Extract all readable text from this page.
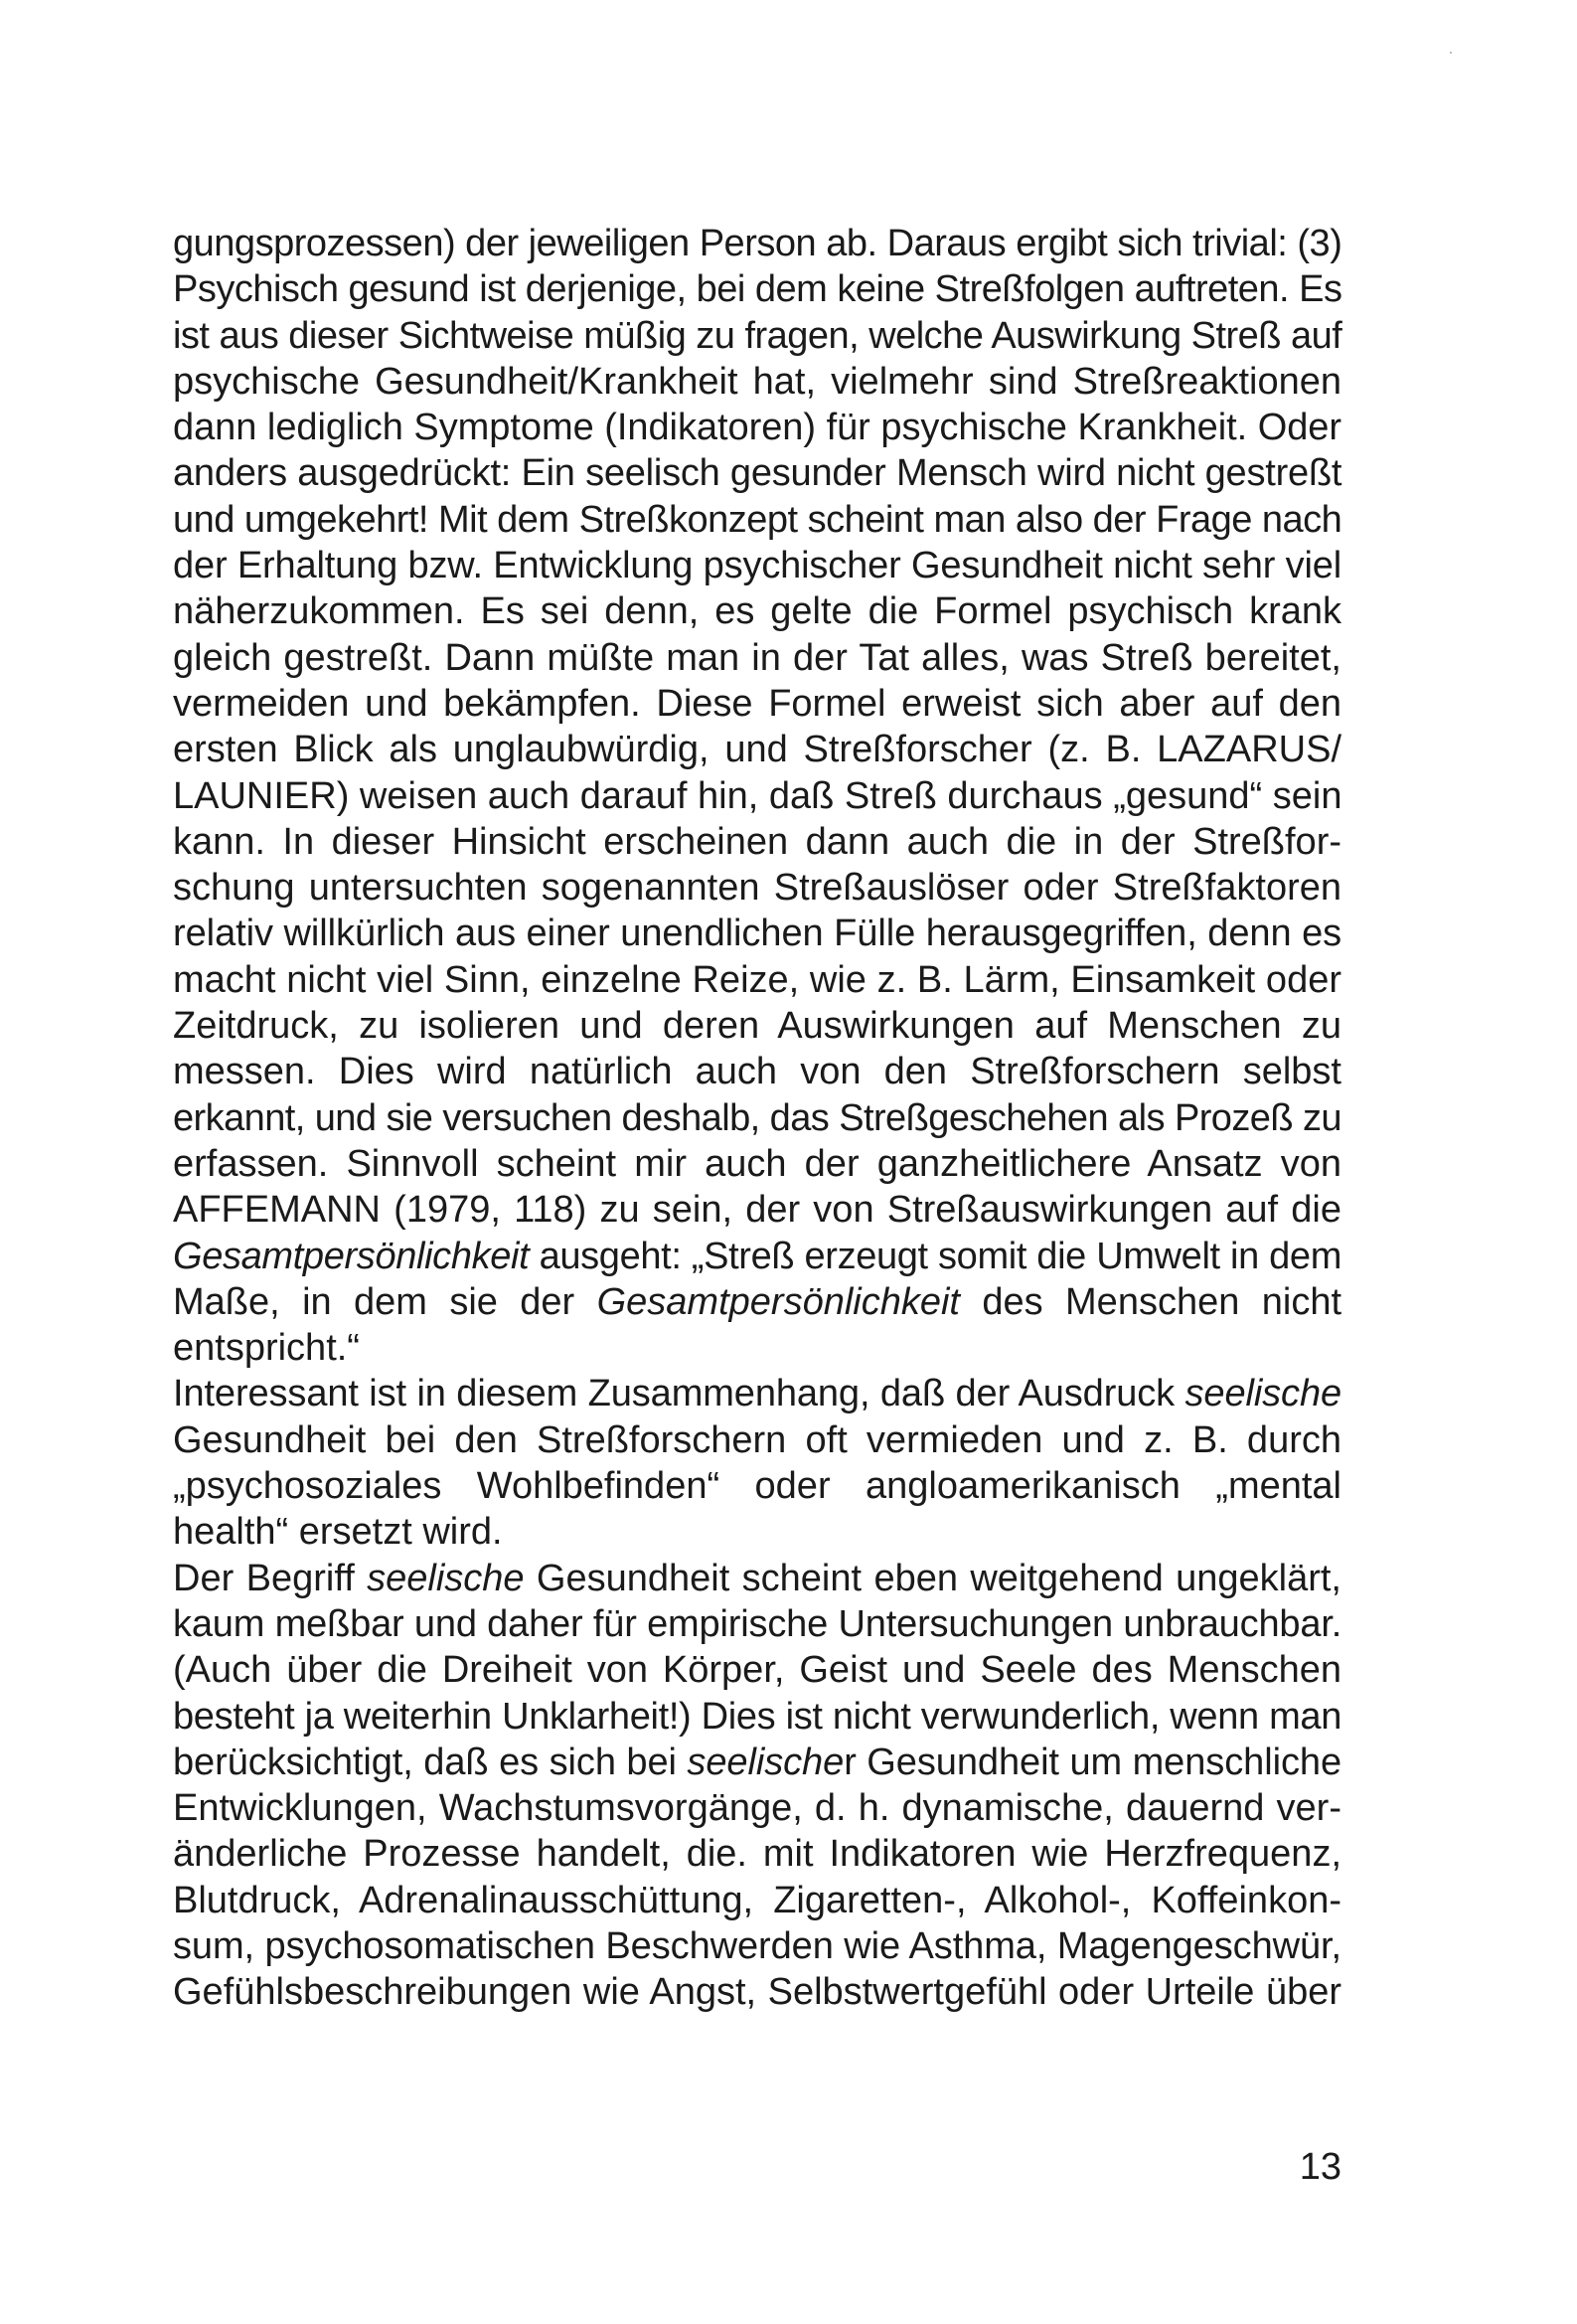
gungsprozessen) der jeweiligen Person ab. Daraus ergibt sich trivial: (3)
Psychisch gesund ist derjenige, bei dem keine Streßfolgen auftreten. Es
ist aus dieser Sichtweise müßig zu fragen, welche Auswirkung Streß auf
psychische Gesundheit/Krankheit hat, vielmehr sind Streßreaktionen
dann lediglich Symptome (Indikatoren) für psychische Krankheit. Oder
anders ausgedrückt: Ein seelisch gesunder Mensch wird nicht gestreßt
und umgekehrt! Mit dem Streßkonzept scheint man also der Frage nach
der Erhaltung bzw. Entwicklung psychischer Gesundheit nicht sehr viel
näherzukommen. Es sei denn, es gelte die Formel psychisch krank
gleich gestreßt. Dann müßte man in der Tat alles, was Streß bereitet,
vermeiden und bekämpfen. Diese Formel erweist sich aber auf den
ersten Blick als unglaubwürdig, und Streßforscher (z. B. LAZARUS/
LAUNIER) weisen auch darauf hin, daß Streß durchaus „gesund“ sein
kann. In dieser Hinsicht erscheinen dann auch die in der Streßfor-
schung untersuchten sogenannten Streßauslöser oder Streßfaktoren
relativ willkürlich aus einer unendlichen Fülle herausgegriffen, denn es
macht nicht viel Sinn, einzelne Reize, wie z. B. Lärm, Einsamkeit oder
Zeitdruck, zu isolieren und deren Auswirkungen auf Menschen zu
messen. Dies wird natürlich auch von den Streßforschern selbst
erkannt, und sie versuchen deshalb, das Streßgeschehen als Prozeß zu
erfassen. Sinnvoll scheint mir auch der ganzheitlichere Ansatz von
AFFEMANN (1979, 118) zu sein, der von Streßauswirkungen auf die
Gesamtpersönlichkeit ausgeht: „Streß erzeugt somit die Umwelt in dem
Maße, in dem sie der Gesamtpersönlichkeit des Menschen nicht
entspricht.“
Interessant ist in diesem Zusammenhang, daß der Ausdruck seelische
Gesundheit bei den Streßforschern oft vermieden und z. B. durch
„psychosoziales Wohlbefinden“ oder angloamerikanisch „mental
health“ ersetzt wird.
Der Begriff seelische Gesundheit scheint eben weitgehend ungeklärt,
kaum meßbar und daher für empirische Untersuchungen unbrauchbar.
(Auch über die Dreiheit von Körper, Geist und Seele des Menschen
besteht ja weiterhin Unklarheit!) Dies ist nicht verwunderlich, wenn man
berücksichtigt, daß es sich bei seelischer Gesundheit um menschliche
Entwicklungen, Wachstumsvorgänge, d. h. dynamische, dauernd ver-
änderliche Prozesse handelt, die. mit Indikatoren wie Herzfrequenz,
Blutdruck, Adrenalinausschüttung, Zigaretten-, Alkohol-, Koffeinkon-
sum, psychosomatischen Beschwerden wie Asthma, Magengeschwür,
Gefühlsbeschreibungen wie Angst, Selbstwertgefühl oder Urteile über
13
